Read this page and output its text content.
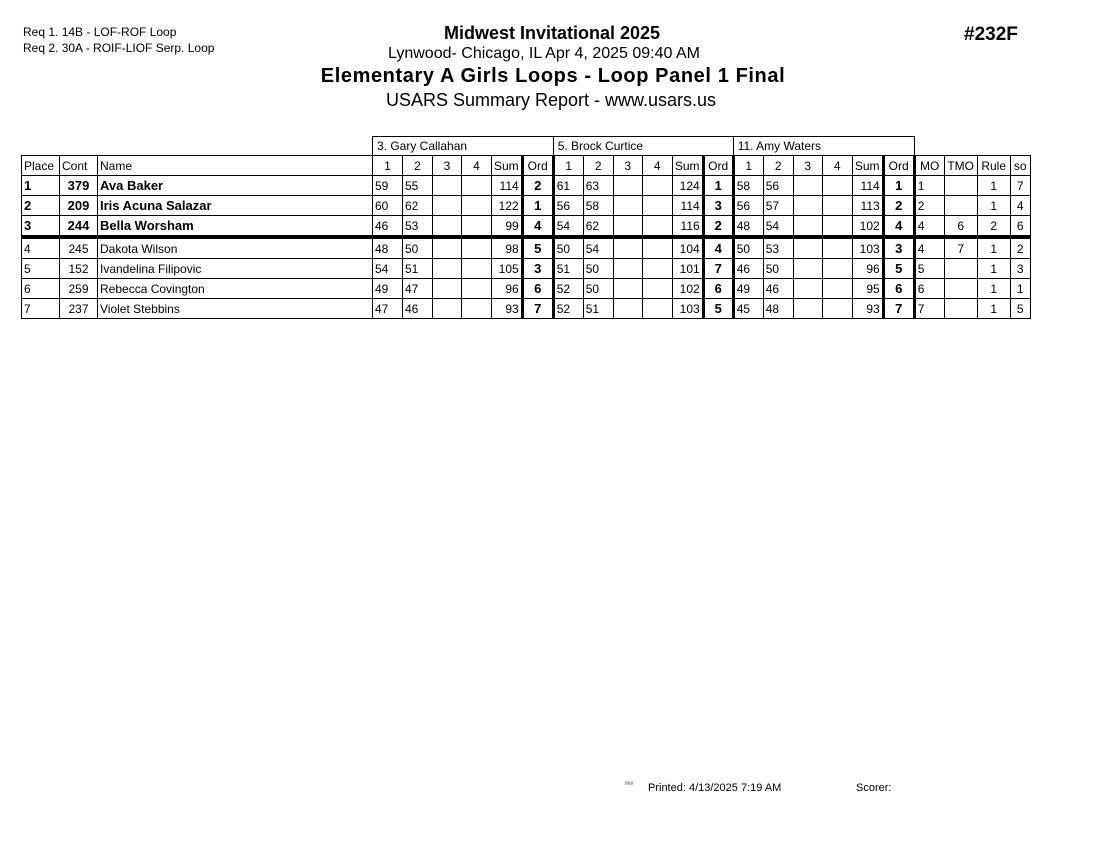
Req 1. 14B - LOF-ROF Loop
Req 2. 30A - ROIF-LIOF Serp. Loop
Midwest Invitational 2025
Lynwood- Chicago, IL Apr 4, 2025 09:40 AM
Elementary A Girls Loops - Loop Panel 1 Final
USARS Summary Report - www.usars.us
#232F
			3. Gary Callahan						5. Brock Curtice						11. Amy Waters									
Place	Cont	Name	1	2	3	4	Sum	Ord	1	2	3	4	Sum	Ord	1	2	3	4	Sum	Ord	MO	TMO	Rule	so
1	379	Ava Baker	59	55			114	2	61	63			124	1	58	56			114	1	1		1	7
2	209	Iris Acuna Salazar	60	62			122	1	56	58			114	3	56	57			113	2	2		1	4
3	244	Bella Worsham	46	53			99	4	54	62			116	2	48	54			102	4	4	6	2	6
4	245	Dakota Wilson	48	50			98	5	50	54			104	4	50	53			103	3	4	7	1	2
5	152	Ivandelina Filipovic	54	51			105	3	51	50			101	7	46	50			96	5	5		1	3
6	259	Rebecca Covington	49	47			96	6	52	50			102	6	49	46			95	6	6		1	1
7	237	Violet Stebbins	47	46			93	7	52	51			103	5	45	48			93	7	7		1	5
²³¹² Printed: 4/13/2025 7:19 AM	Scorer:
